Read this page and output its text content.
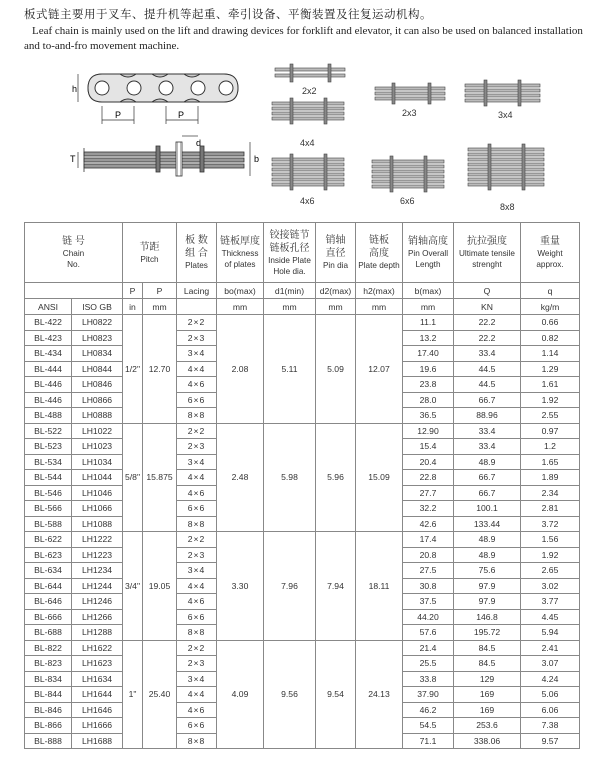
板式链主要用于叉车、提升机等起重、牵引设备、平衡装置及往复运动机构。

Leaf chain is mainly used on the lift and drawing devices for forklift and elevator, it can also be used on balanced installation and to-and-fro movement machine.

h
P	P
T
d
b
2x2
2x3	3x4
4x4
4x6	6x6
8x8
链 号
Chain
No.		节距
Pitch		板 数
组 合
Plates	链板厚度
Thickness
of plates	铰接链节
链板孔径
Inside Plate
Hole dia.	销轴
直径
Pin dia	链板
高度
Plate depth	销轴高度
Pin Overall
Length	抗拉强度
Ultimate tensile
strenght	重量
Weight
approx.

		P	P	Lacing	bo(max)	d1(min)	d2(max)	h2(max)	b(max)	Q	q
ANSI	ISO GB	in	mm		mm	mm	mm	mm	mm	KN	kg/m
BL-422	LH0822	1/2"	12.70	2×2	2.08	5.11	5.09	12.07	11.1	22.2	0.66
BL-423	LH0823			2×3					13.2	22.2	0.82
BL-434	LH0834			3×4					17.40	33.4	1.14
BL-444	LH0844			4×4					19.6	44.5	1.29
BL-446	LH0846			4×6					23.8	44.5	1.61
BL-446	LH0866			6×6					28.0	66.7	1.92
BL-488	LH0888			8×8					36.5	88.96	2.55
BL-522	LH1022	5/8"	15.875	2×2	2.48	5.98	5.96	15.09	12.90	33.4	0.97
BL-523	LH1023			2×3					15.4	33.4	1.2
BL-534	LH1034			3×4					20.4	48.9	1.65
BL-544	LH1044			4×4					22.8	66.7	1.89
BL-546	LH1046			4×6					27.7	66.7	2.34
BL-566	LH1066			6×6					32.2	100.1	2.81
BL-588	LH1088			8×8					42.6	133.44	3.72
BL-622	LH1222	3/4"	19.05	2×2	3.30	7.96	7.94	18.11	17.4	48.9	1.56
BL-623	LH1223			2×3					20.8	48.9	1.92
BL-634	LH1234			3×4					27.5	75.6	2.65
BL-644	LH1244			4×4					30.8	97.9	3.02
BL-646	LH1246			4×6					37.5	97.9	3.77
BL-666	LH1266			6×6					44.20	146.8	4.45
BL-688	LH1288			8×8					57.6	195.72	5.94
BL-822	LH1622	1"	25.40	2×2	4.09	9.56	9.54	24.13	21.4	84.5	2.41
BL-823	LH1623			2×3					25.5	84.5	3.07
BL-834	LH1634			3×4					33.8	129	4.24
BL-844	LH1644			4×4					37.90	169	5.06
BL-846	LH1646			4×6					46.2	169	6.06
BL-866	LH1666			6×6					54.5	253.6	7.38
BL-888	LH1688			8×8					71.1	338.06	9.57
